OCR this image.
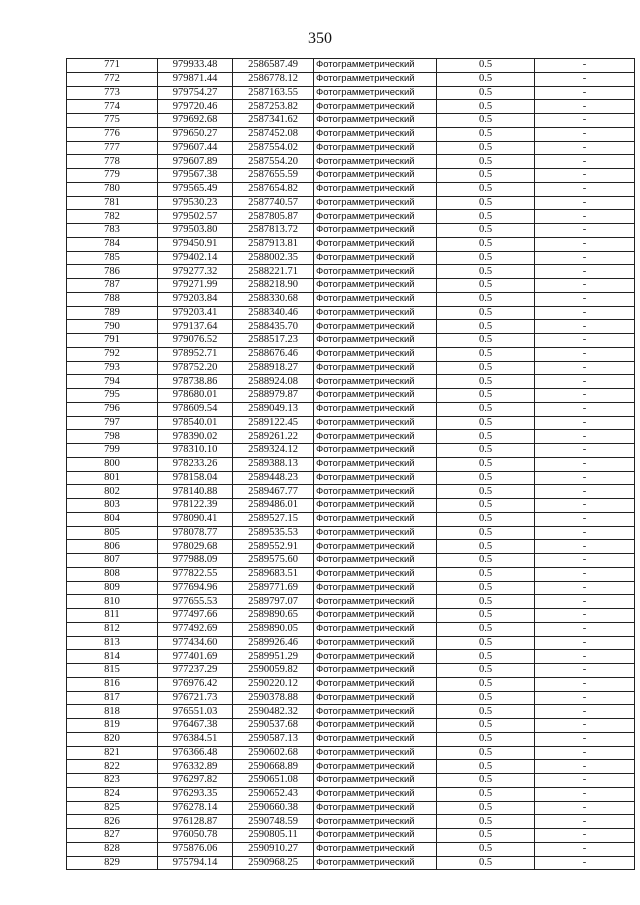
350
771	979933.48	2586587.49	Фотограмметрический	0.5	-
772	979871.44	2586778.12	Фотограмметрический	0.5	-
773	979754.27	2587163.55	Фотограмметрический	0.5	-
774	979720.46	2587253.82	Фотограмметрический	0.5	-
775	979692.68	2587341.62	Фотограмметрический	0.5	-
776	979650.27	2587452.08	Фотограмметрический	0.5	-
777	979607.44	2587554.02	Фотограмметрический	0.5	-
778	979607.89	2587554.20	Фотограмметрический	0.5	-
779	979567.38	2587655.59	Фотограмметрический	0.5	-
780	979565.49	2587654.82	Фотограмметрический	0.5	-
781	979530.23	2587740.57	Фотограмметрический	0.5	-
782	979502.57	2587805.87	Фотограмметрический	0.5	-
783	979503.80	2587813.72	Фотограмметрический	0.5	-
784	979450.91	2587913.81	Фотограмметрический	0.5	-
785	979402.14	2588002.35	Фотограмметрический	0.5	-
786	979277.32	2588221.71	Фотограмметрический	0.5	-
787	979271.99	2588218.90	Фотограмметрический	0.5	-
788	979203.84	2588330.68	Фотограмметрический	0.5	-
789	979203.41	2588340.46	Фотограмметрический	0.5	-
790	979137.64	2588435.70	Фотограмметрический	0.5	-
791	979076.52	2588517.23	Фотограмметрический	0.5	-
792	978952.71	2588676.46	Фотограмметрический	0.5	-
793	978752.20	2588918.27	Фотограмметрический	0.5	-
794	978738.86	2588924.08	Фотограмметрический	0.5	-
795	978680.01	2588979.87	Фотограмметрический	0.5	-
796	978609.54	2589049.13	Фотограмметрический	0.5	-
797	978540.01	2589122.45	Фотограмметрический	0.5	-
798	978390.02	2589261.22	Фотограмметрический	0.5	-
799	978310.10	2589324.12	Фотограмметрический	0.5	-
800	978233.26	2589388.13	Фотограмметрический	0.5	-
801	978158.04	2589448.23	Фотограмметрический	0.5	-
802	978140.88	2589467.77	Фотограмметрический	0.5	-
803	978122.39	2589486.01	Фотограмметрический	0.5	-
804	978090.41	2589527.15	Фотограмметрический	0.5	-
805	978078.77	2589535.53	Фотограмметрический	0.5	-
806	978029.68	2589552.91	Фотограмметрический	0.5	-
807	977988.09	2589575.60	Фотограмметрический	0.5	-
808	977822.55	2589683.51	Фотограмметрический	0.5	-
809	977694.96	2589771.69	Фотограмметрический	0.5	-
810	977655.53	2589797.07	Фотограмметрический	0.5	-
811	977497.66	2589890.65	Фотограмметрический	0.5	-
812	977492.69	2589890.05	Фотограмметрический	0.5	-
813	977434.60	2589926.46	Фотограмметрический	0.5	-
814	977401.69	2589951.29	Фотограмметрический	0.5	-
815	977237.29	2590059.82	Фотограмметрический	0.5	-
816	976976.42	2590220.12	Фотограмметрический	0.5	-
817	976721.73	2590378.88	Фотограмметрический	0.5	-
818	976551.03	2590482.32	Фотограмметрический	0.5	-
819	976467.38	2590537.68	Фотограмметрический	0.5	-
820	976384.51	2590587.13	Фотограмметрический	0.5	-
821	976366.48	2590602.68	Фотограмметрический	0.5	-
822	976332.89	2590668.89	Фотограмметрический	0.5	-
823	976297.82	2590651.08	Фотограмметрический	0.5	-
824	976293.35	2590652.43	Фотограмметрический	0.5	-
825	976278.14	2590660.38	Фотограмметрический	0.5	-
826	976128.87	2590748.59	Фотограмметрический	0.5	-
827	976050.78	2590805.11	Фотограмметрический	0.5	-
828	975876.06	2590910.27	Фотограмметрический	0.5	-
829	975794.14	2590968.25	Фотограмметрический	0.5	-
